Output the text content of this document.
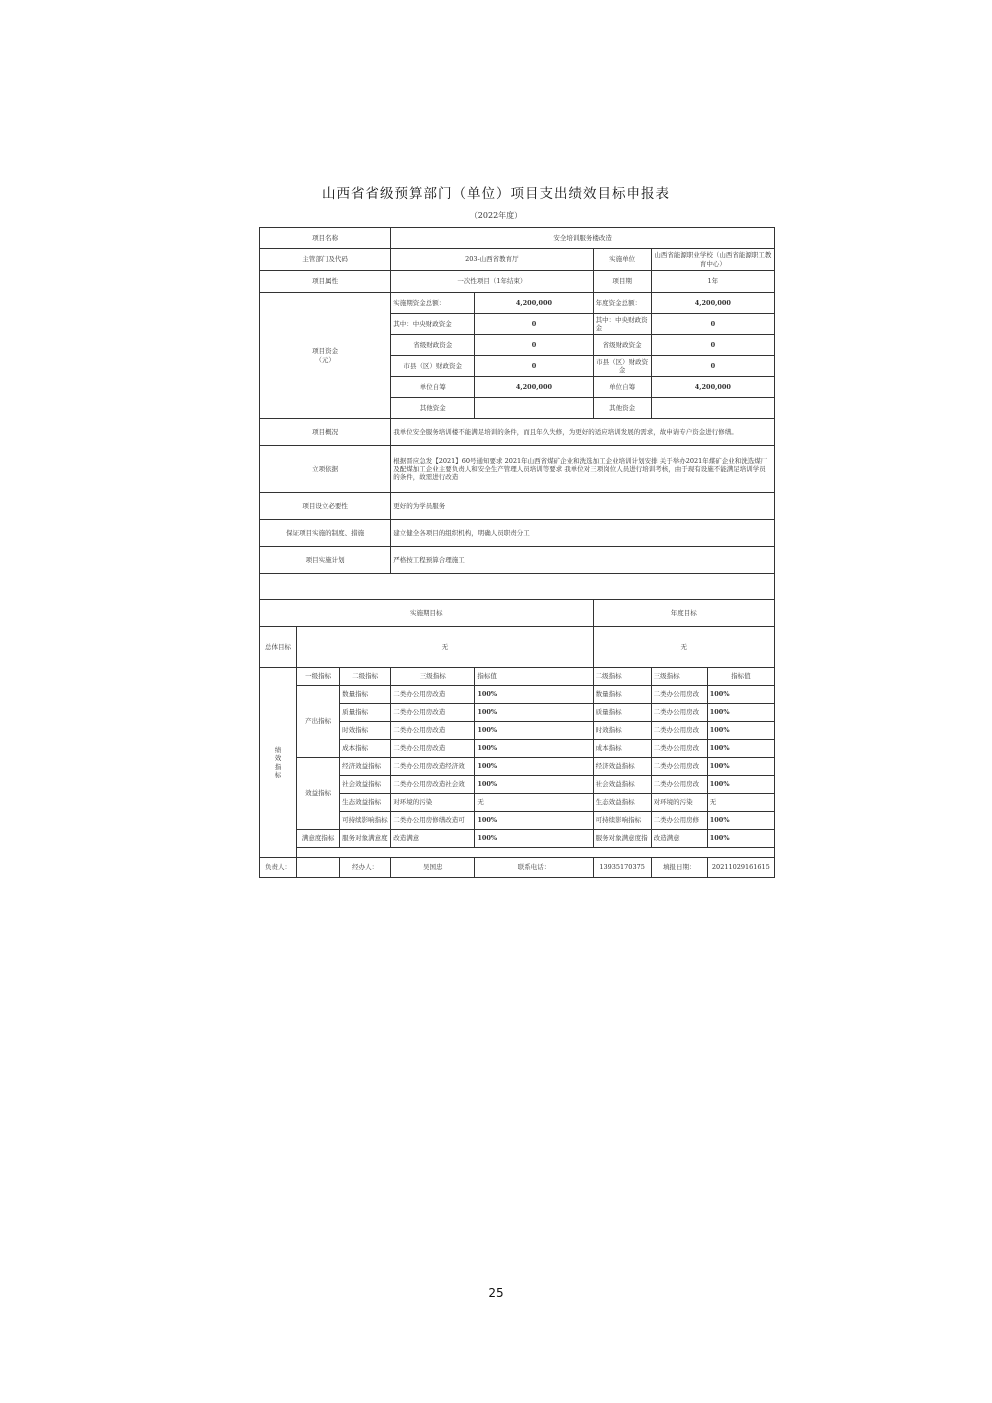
山西省省级预算部门（单位）项目支出绩效目标申报表
（2022年度）
项目名称			安全培训服务楼改造				
主管部门及代码			203-山西省教育厅		实施单位	山西省能源职业学校（山西省能源职工教育中心）	
项目属性			一次性项目（1年结束）		项目期	1年	
项目资金
（元）			实施期资金总额：	4,200,000	年度资金总额：	4,200,000	
			其中：中央财政资金	0	其中：中央财政资金	0	
			省级财政资金	0	省级财政资金	0	
			市县（区）财政资金	0	市县（区）财政资金	0	
			单位自筹	4,200,000	单位自筹	4,200,000	
			其他资金		其他资金		
项目概况			我单位安全服务培训楼不能满足培训的条件，而且年久失修，为更好的适应培训发展的需求，故申请专户资金进行修缮。				
立项依据			根据晋应急发【2021】60号通知要求 2021年山西省煤矿企业和洗选加工企业培训计划安排 关于举办2021年煤矿企业和洗选煤厂及配煤加工企业主要负责人和安全生产管理人员培训等要求 我单位对三项岗位人员进行培训考核，由于现有设施不能满足培训学员的条件，故需进行改造				
项目设立必要性			更好的为学员服务				
保证项目实施的制度、措施			建立健全各项目的组织机构，明确人员职责分工				
项目实施计划			严格按工程预算合理施工				

实施期目标					年度目标		
总体目标	无				无		
绩
效
指
标	一级指标	二级指标	三级指标	指标值	二级指标	三级指标	指标值
	产出指标	数量指标	二类办公用房改造	100%	数量指标	二类办公用房改	100%
		质量指标	二类办公用房改造	100%	质量指标	二类办公用房改	100%
		时效指标	二类办公用房改造	100%	时效指标	二类办公用房改	100%
		成本指标	二类办公用房改造	100%	成本指标	二类办公用房改	100%
	效益指标	经济效益指标	二类办公用房改造经济效	100%	经济效益指标	二类办公用房改	100%
		社会效益指标	二类办公用房改造社会效	100%	社会效益指标	二类办公用房改	100%
		生态效益指标	对环境的污染	无	生态效益指标	对环境的污染	无
		可持续影响指标	二类办公用房修缮改造可	100%	可持续影响指标	二类办公用房修	100%
	满意度指标	服务对象满意度	改造满意	100%	服务对象满意度指	改造满意	100%

负责人：		经办人：	吴国忠	联系电话：	13935170375	填报日期：	20211029161615
25
